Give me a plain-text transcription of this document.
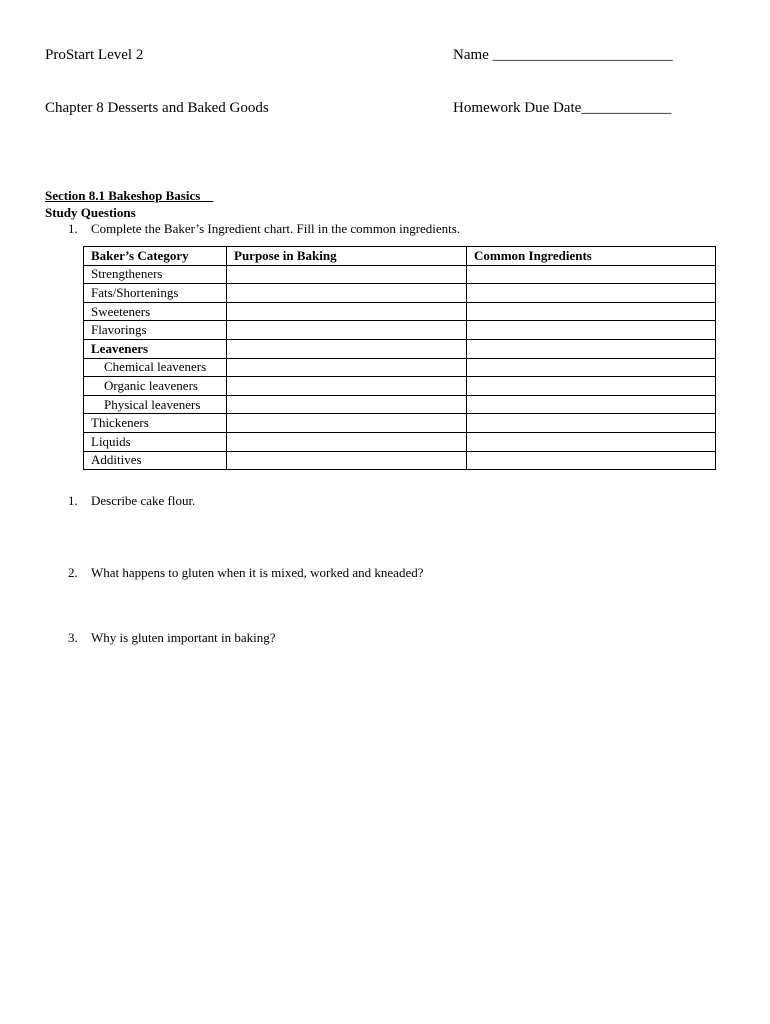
ProStart Level 2	Name ________________________
Chapter 8 Desserts and Baked Goods	Homework Due Date____________
Section 8.1 Bakeshop Basics__
Study Questions
1. Complete the Baker’s Ingredient chart. Fill in the common ingredients.
Baker’s Category	Purpose in Baking	Common Ingredients
Strengtheners		
Fats/Shortenings		
Sweeteners		
Flavorings		
Leaveners		
Chemical leaveners		
Organic leaveners		
Physical leaveners		
Thickeners		
Liquids		
Additives		
1. Describe cake flour.
2. What happens to gluten when it is mixed, worked and kneaded?
3. Why is gluten important in baking?
